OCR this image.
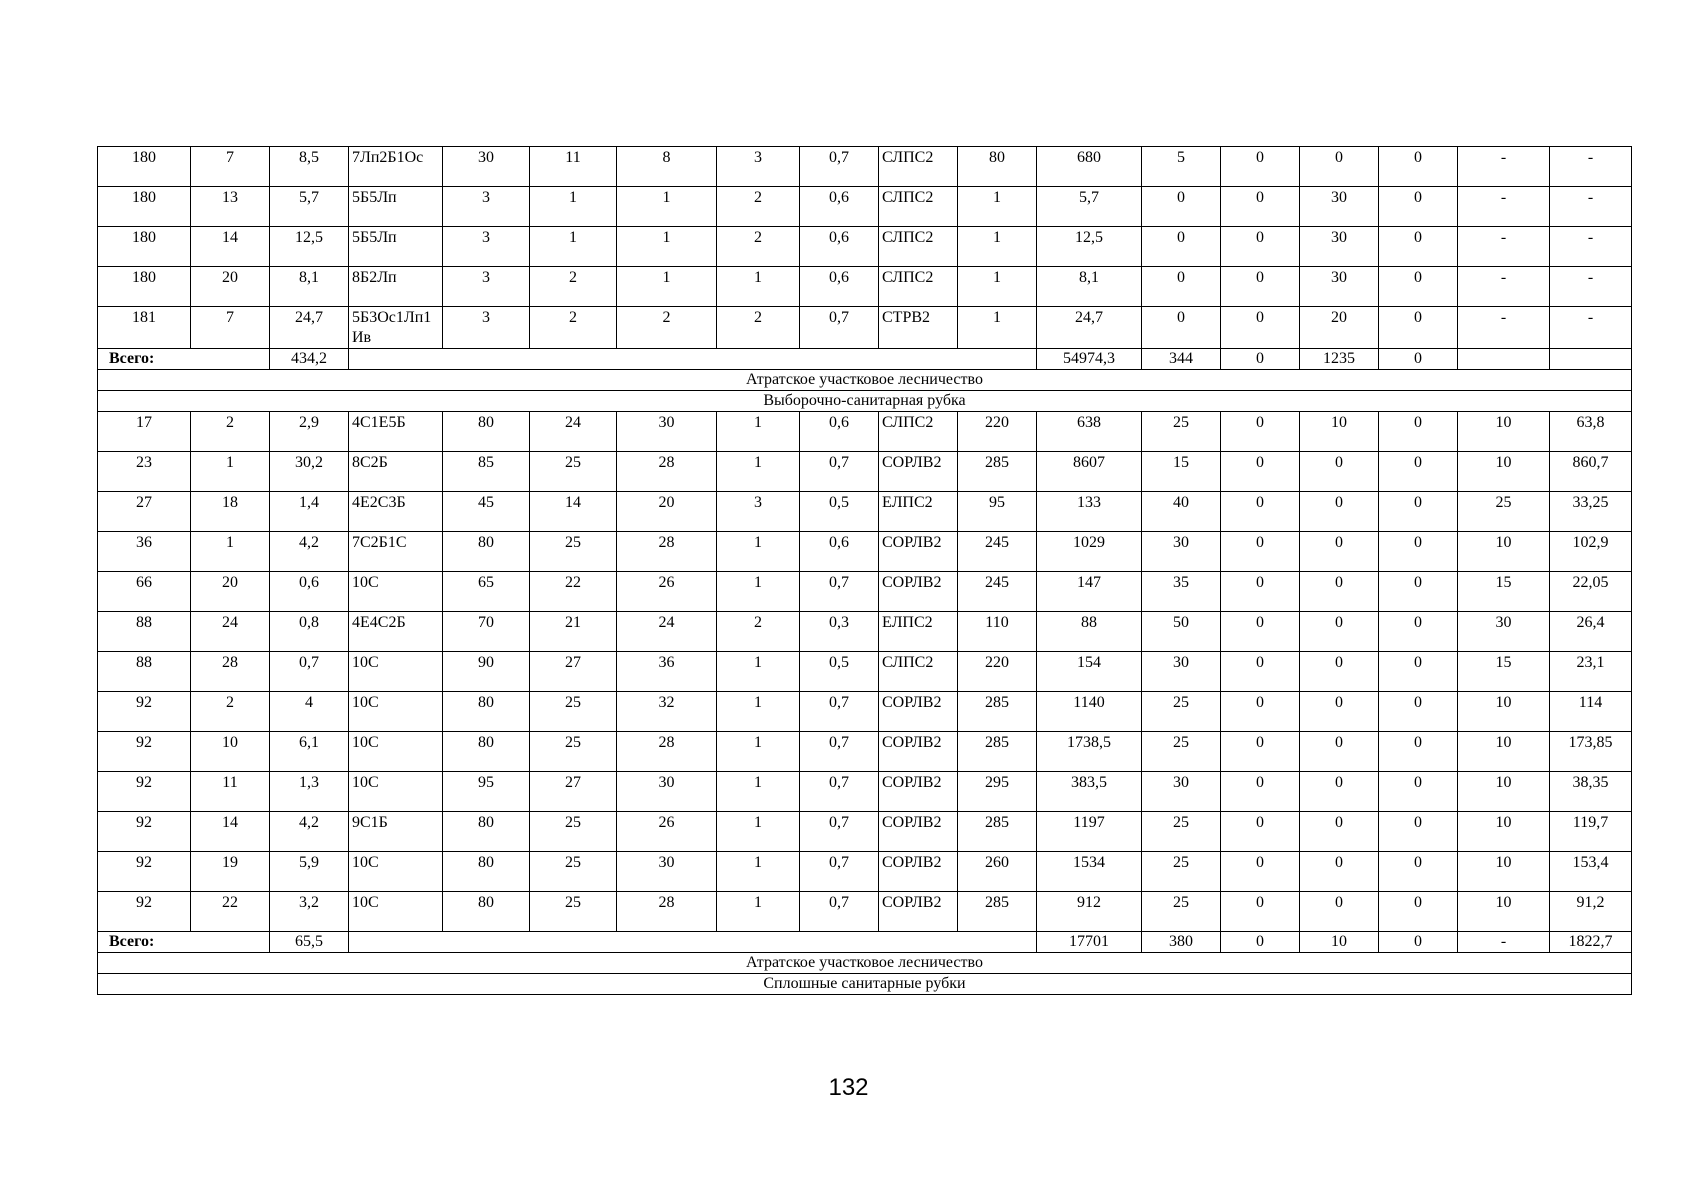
180	7	8,5	7Лп2Б1Ос	30	11	8	3	0,7	СЛПС2	80	680	5	0	0	0	-	-
180	13	5,7	5Б5Лп	3	1	1	2	0,6	СЛПС2	1	5,7	0	0	30	0	-	-
180	14	12,5	5Б5Лп	3	1	1	2	0,6	СЛПС2	1	12,5	0	0	30	0	-	-
180	20	8,1	8Б2Лп	3	2	1	1	0,6	СЛПС2	1	8,1	0	0	30	0	-	-
181	7	24,7	5Б3Ос1Лп1Ив	3	2	2	2	0,7	СТРВ2	1	24,7	0	0	20	0	-	-
Всего:		434,2									54974,3	344	0	1235	0		
Атратское участковое лесничество																	
Выборочно-санитарная рубка																	
17	2	2,9	4С1Е5Б	80	24	30	1	0,6	СЛПС2	220	638	25	0	10	0	10	63,8
23	1	30,2	8С2Б	85	25	28	1	0,7	СОРЛВ2	285	8607	15	0	0	0	10	860,7
27	18	1,4	4Е2С3Б	45	14	20	3	0,5	ЕЛПС2	95	133	40	0	0	0	25	33,25
36	1	4,2	7С2Б1С	80	25	28	1	0,6	СОРЛВ2	245	1029	30	0	0	0	10	102,9
66	20	0,6	10С	65	22	26	1	0,7	СОРЛВ2	245	147	35	0	0	0	15	22,05
88	24	0,8	4Е4С2Б	70	21	24	2	0,3	ЕЛПС2	110	88	50	0	0	0	30	26,4
88	28	0,7	10С	90	27	36	1	0,5	СЛПС2	220	154	30	0	0	0	15	23,1
92	2	4	10С	80	25	32	1	0,7	СОРЛВ2	285	1140	25	0	0	0	10	114
92	10	6,1	10С	80	25	28	1	0,7	СОРЛВ2	285	1738,5	25	0	0	0	10	173,85
92	11	1,3	10С	95	27	30	1	0,7	СОРЛВ2	295	383,5	30	0	0	0	10	38,35
92	14	4,2	9С1Б	80	25	26	1	0,7	СОРЛВ2	285	1197	25	0	0	0	10	119,7
92	19	5,9	10С	80	25	30	1	0,7	СОРЛВ2	260	1534	25	0	0	0	10	153,4
92	22	3,2	10С	80	25	28	1	0,7	СОРЛВ2	285	912	25	0	0	0	10	91,2
Всего:		65,5									17701	380	0	10	0	-	1822,7
Атратское участковое лесничество																	
Сплошные санитарные рубки																	
132
